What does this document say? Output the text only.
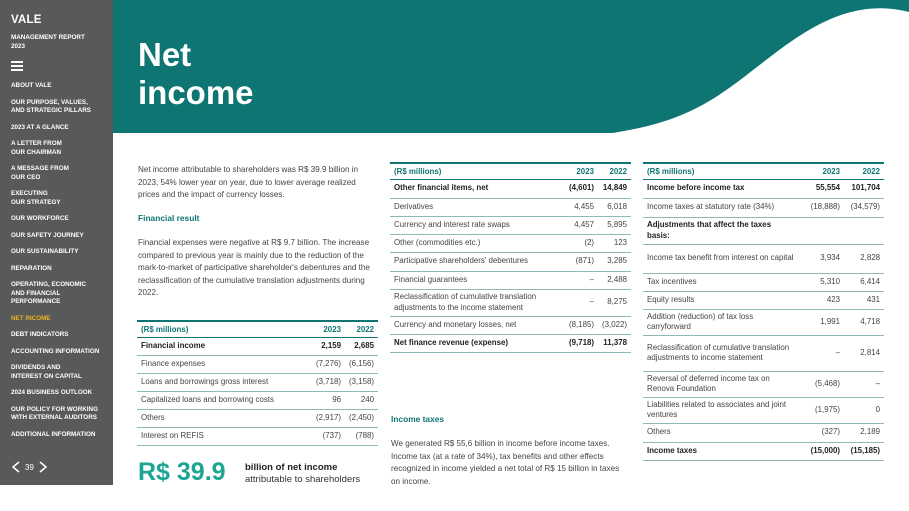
VALE
MANAGEMENT REPORT
2023
ABOUT VALE
OUR PURPOSE, VALUES,
AND STRATEGIC PILLARS
2023 AT A GLANCE
A LETTER FROM
OUR CHAIRMAN
A MESSAGE FROM
OUR CEO
EXECUTING
OUR STRATEGY
OUR WORKFORCE
OUR SAFETY JOURNEY
OUR SUSTAINABILITY
REPARATION
OPERATING, ECONOMIC
AND FINANCIAL
PERFORMANCE
NET INCOME
DEBT INDICATORS
ACCOUNTING INFORMATION
DIVIDENDS AND
INTEREST ON CAPITAL
2024 BUSINESS OUTLOOK
OUR POLICY FOR WORKING
WITH EXTERNAL AUDITORS
ADDITIONAL INFORMATION
39
Net
income

Net income attributable to shareholders was R$ 39.9 billion in 2023, 54% lower year on year, due to lower average realized prices and the impact of currency losses.

Financial result

Financial expenses were negative at R$ 9.7 billion. The increase compared to previous year is mainly due to the reduction of the mark-to-market of participative shareholder's debentures and the reclassification of the cumulative translation adjustments during 2022.

(R$ millions)	2023	2022
Financial income	2,159	2,685
Finance expenses	(7,276)	(6,156)
Loans and borrowings gross interest	(3,718)	(3,158)
Capitalized loans and borrowing costs	96	240
Others	(2,917)	(2,450)
Interest on REFIS	(737)	(788)
R$ 39.9 billion of net income
attributable to shareholders
(R$ millions)	2023	2022
Other financial items, net	(4,601)	14,849
Derivatives	4,455	6,018
Currency and interest rate swaps	4,457	5,895
Other (commodities etc.)	(2)	123
Participative shareholders' debentures	(871)	3,285
Financial guarantees	–	2,488
Reclassification of cumulative translation adjustments to the income statement	–	8,275
Currency and monetary losses, net	(8,185)	(3,022)
Net finance revenue (expense)	(9,718)	11,378
Income taxes

We generated R$ 55,6 billion in income before income taxes. Income tax (at a rate of 34%), tax benefits and other effects recognized in income yielded a net total of R$ 15 billion in taxes on income.

(R$ millions)	2023	2022
Income before income tax	55,554	101,704
Income taxes at statutory rate (34%)	(18,888)	(34,579)
Adjustments that affect the taxes basis:		
Income tax benefit from interest on capital	3,934	2,828
Tax incentives	5,310	6,414
Equity results	423	431
Addition (reduction) of tax loss carryforward	1,991	4,718
Reclassification of cumulative translation adjustments to income statement	–	2,814
Reversal of deferred income tax on Renova Foundation	(5,468)	–
Liabilities related to associates and joint ventures	(1,975)	0
Others	(327)	2,189
Income taxes	(15,000)	(15,185)
